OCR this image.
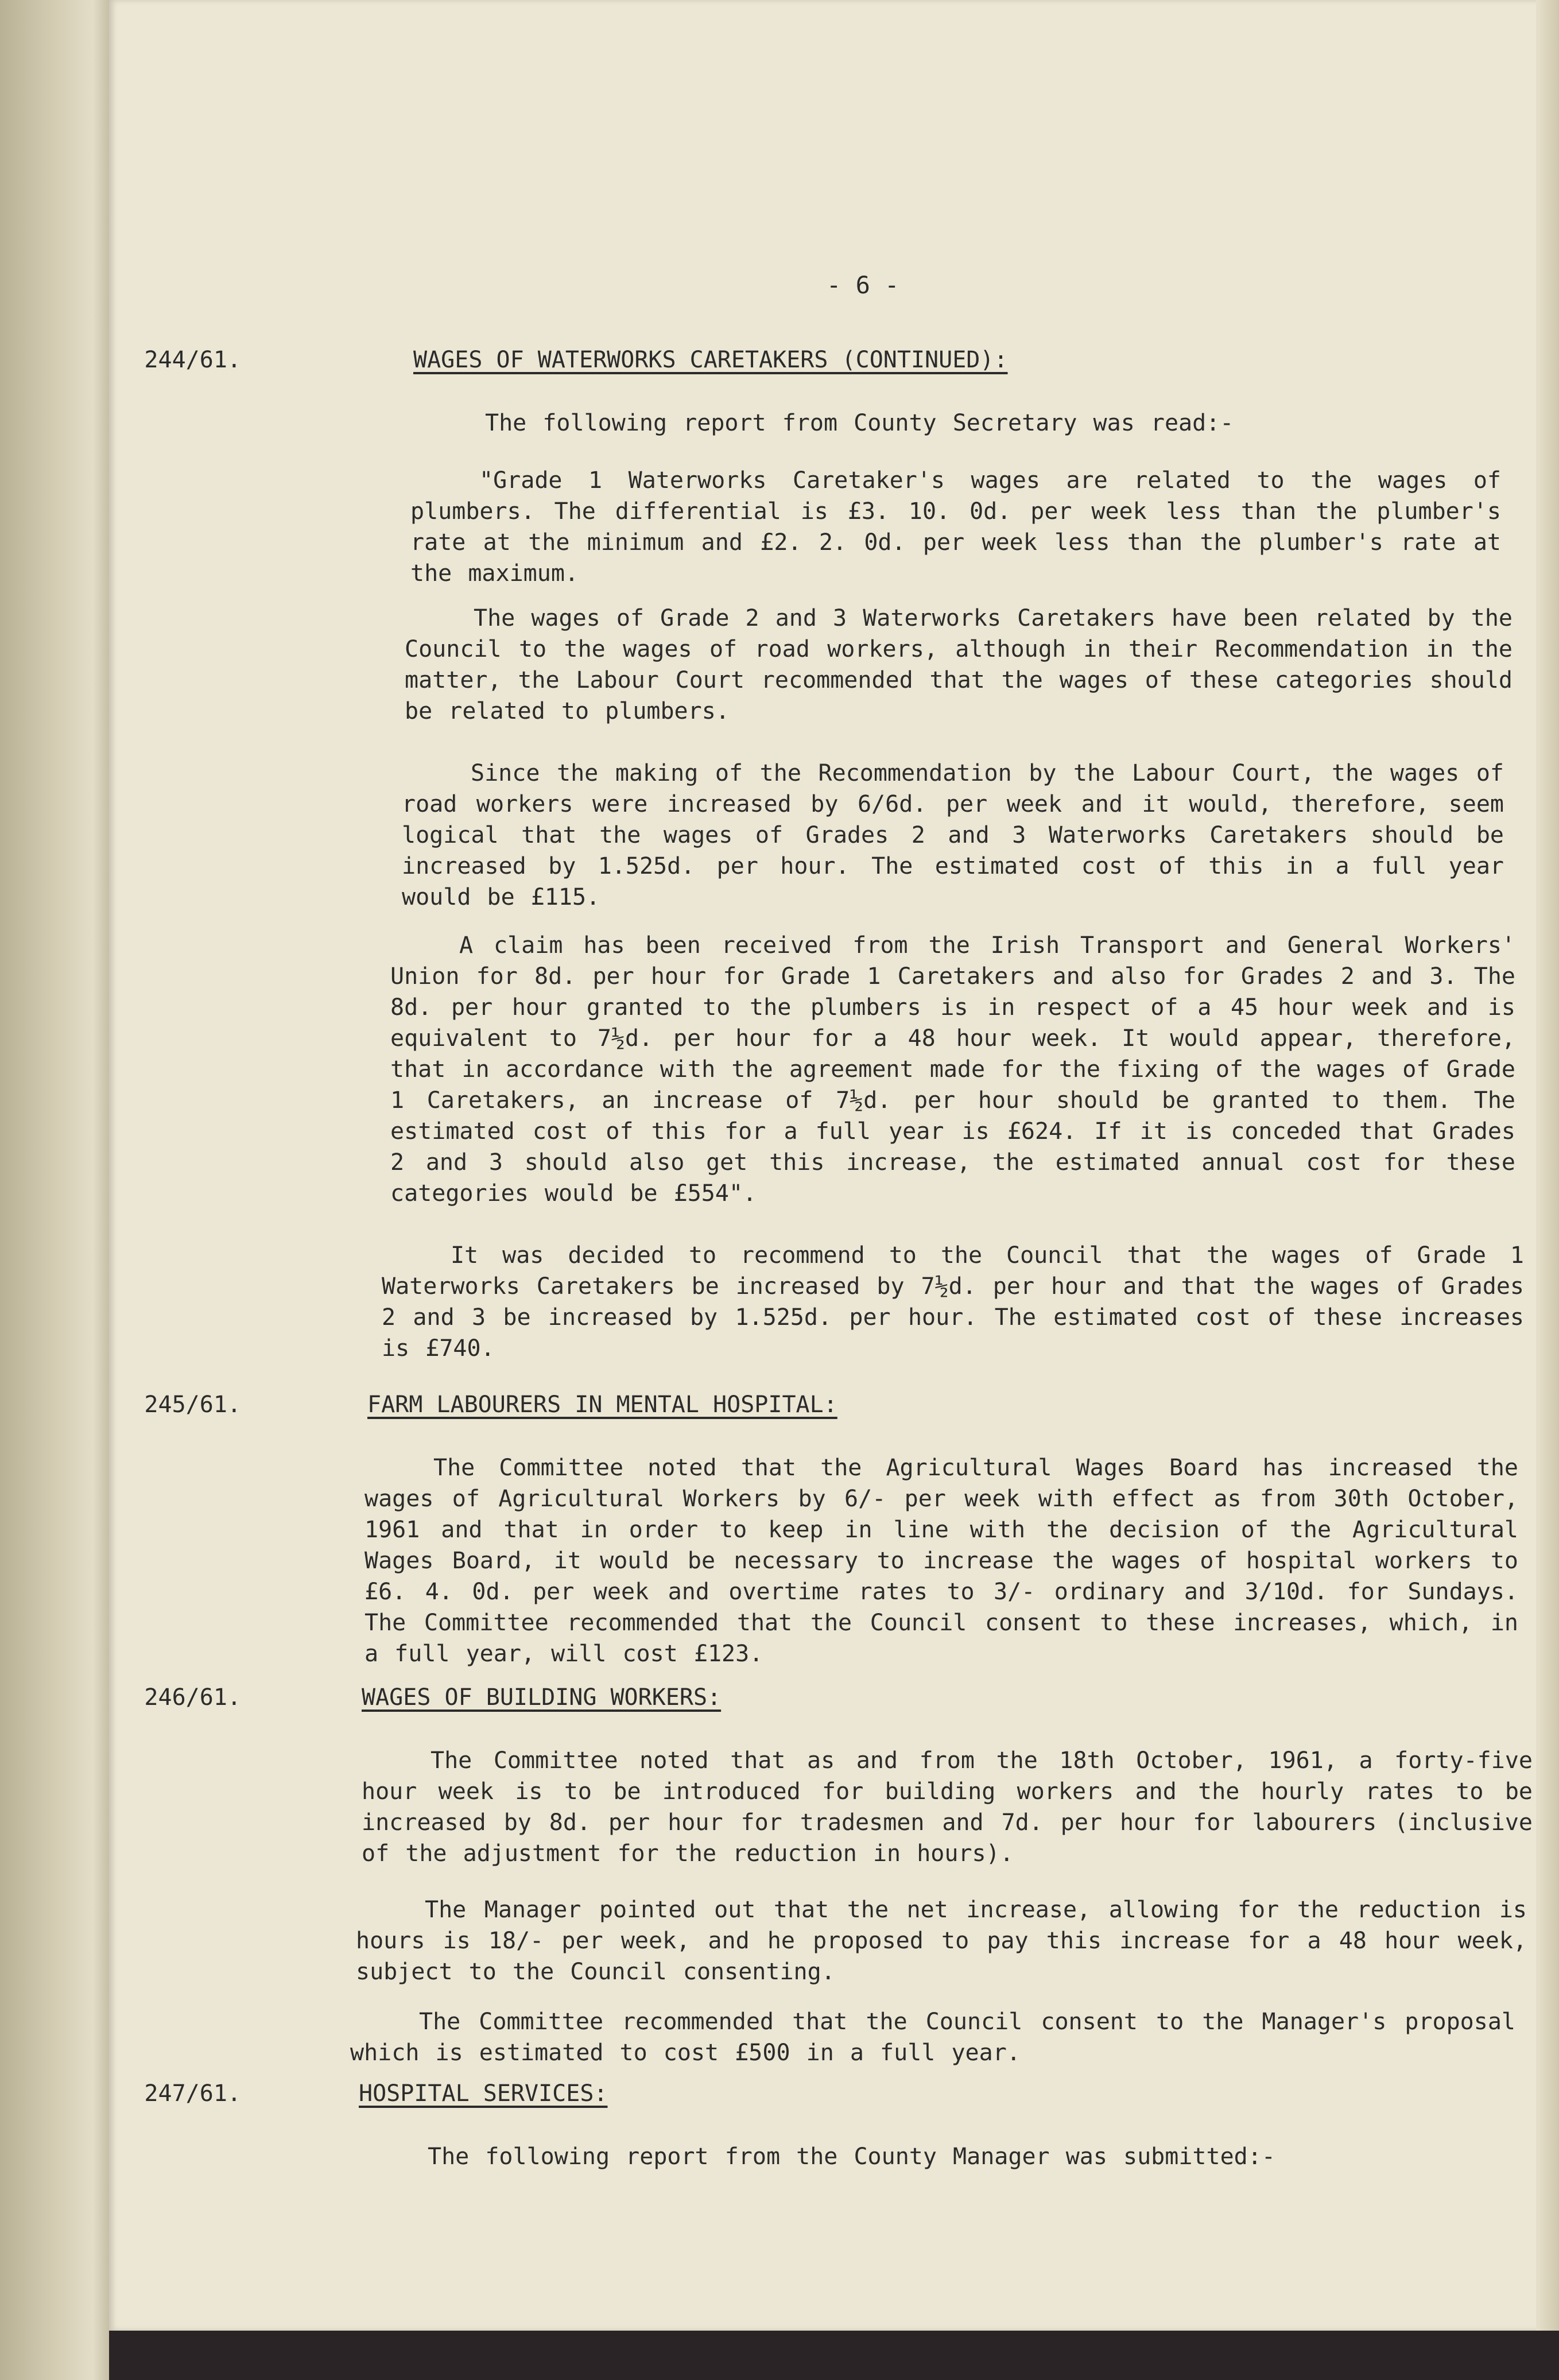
- 6 -
244/61.	WAGES OF WATERWORKS CARETAKERS (CONTINUED):
The following report from County Secretary was read:-
"Grade 1 Waterworks Caretaker's wages are related to the wages of plumbers. The differential is £3. 10. 0d. per week less than the plumber's rate at the minimum and £2. 2. 0d. per week less than the plumber's rate at the maximum.
The wages of Grade 2 and 3 Waterworks Caretakers have been related by the Council to the wages of road workers, although in their Recommendation in the matter, the Labour Court recommended that the wages of these categories should be related to plumbers.
Since the making of the Recommendation by the Labour Court, the wages of road workers were increased by 6/6d. per week and it would, therefore, seem logical that the wages of Grades 2 and 3 Waterworks Caretakers should be increased by 1.525d. per hour. The estimated cost of this in a full year would be £115.
A claim has been received from the Irish Transport and General Workers' Union for 8d. per hour for Grade 1 Caretakers and also for Grades 2 and 3. The 8d. per hour granted to the plumbers is in respect of a 45 hour week and is equivalent to 7½d. per hour for a 48 hour week. It would appear, therefore, that in accordance with the agreement made for the fixing of the wages of Grade 1 Caretakers, an increase of 7½d. per hour should be granted to them. The estimated cost of this for a full year is £624. If it is conceded that Grades 2 and 3 should also get this increase, the estimated annual cost for these categories would be £554".
It was decided to recommend to the Council that the wages of Grade 1 Waterworks Caretakers be increased by 7½d. per hour and that the wages of Grades 2 and 3 be increased by 1.525d. per hour. The estimated cost of these increases is £740.
245/61.	FARM LABOURERS IN MENTAL HOSPITAL:
The Committee noted that the Agricultural Wages Board has increased the wages of Agricultural Workers by 6/- per week with effect as from 30th October, 1961 and that in order to keep in line with the decision of the Agricultural Wages Board, it would be necessary to increase the wages of hospital workers to £6. 4. 0d. per week and overtime rates to 3/- ordinary and 3/10d. for Sundays. The Committee recommended that the Council consent to these increases, which, in a full year, will cost £123.
246/61.	WAGES OF BUILDING WORKERS:
The Committee noted that as and from the 18th October, 1961, a forty-five hour week is to be introduced for building workers and the hourly rates to be increased by 8d. per hour for tradesmen and 7d. per hour for labourers (inclusive of the adjustment for the reduction in hours).
The Manager pointed out that the net increase, allowing for the reduction is hours is 18/- per week, and he proposed to pay this increase for a 48 hour week, subject to the Council consenting.
The Committee recommended that the Council consent to the Manager's proposal which is estimated to cost £500 in a full year.
247/61.	HOSPITAL SERVICES:
The following report from the County Manager was submitted:-
